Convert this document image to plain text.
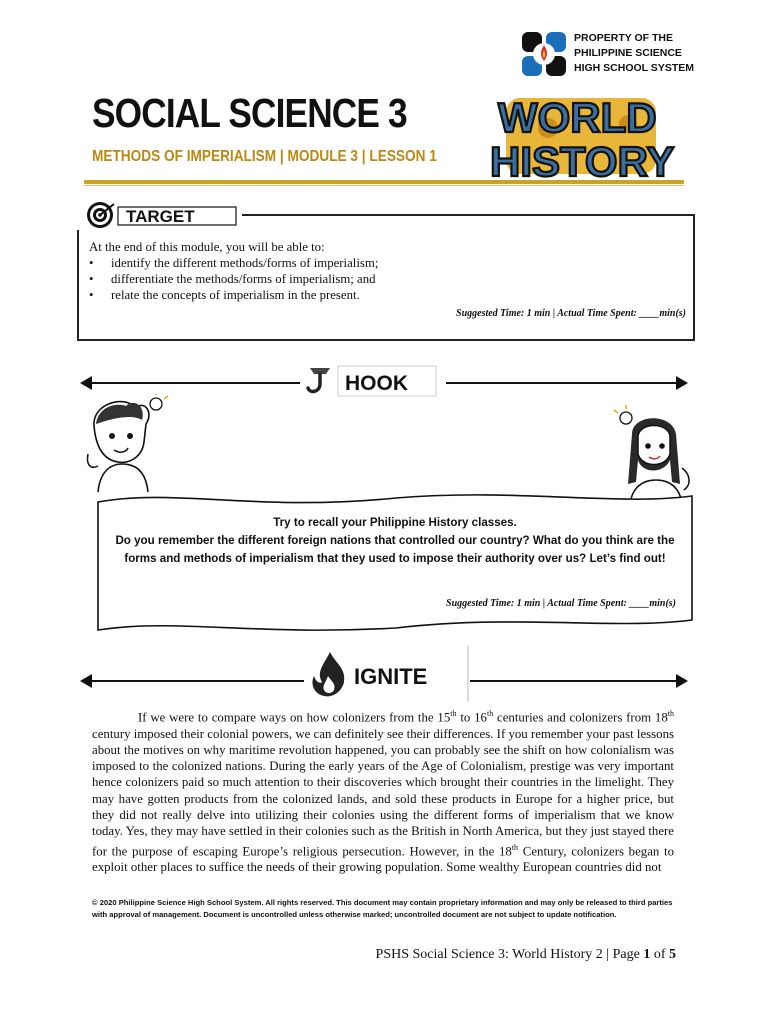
PROPERTY OF THE
PHILIPPINE SCIENCE
HIGH SCHOOL SYSTEM
SOCIAL SCIENCE 3
METHODS OF IMPERIALISM | MODULE 3 | LESSON 1
WORLD
HISTORY
TARGET
At the end of this module, you will be able to:
• identify the different methods/forms of imperialism;
• differentiate the methods/forms of imperialism; and
• relate the concepts of imperialism in the present.
Suggested Time: 1 min | Actual Time Spent: ____min(s)
HOOK
Try to recall your Philippine History classes.
Do you remember the different foreign nations that controlled our country? What do you think are the forms and methods of imperialism that they used to impose their authority over us? Let’s find out!
Suggested Time: 1 min | Actual Time Spent: ____min(s)
IGNITE

If we were to compare ways on how colonizers from the 15th to 16th centuries and colonizers from 18th century imposed their colonial powers, we can definitely see their differences. If you remember your past lessons about the motives on why maritime revolution happened, you can probably see the shift on how colonialism was imposed to the colonized nations. During the early years of the Age of Colonialism, prestige was very important hence colonizers paid so much attention to their discoveries which brought their countries in the limelight. They may have gotten products from the colonized lands, and sold these products in Europe for a higher price, but they did not really delve into utilizing their colonies using the different forms of imperialism that we know today. Yes, they may have settled in their colonies such as the British in North America, but they just stayed there for the purpose of escaping Europe’s religious persecution. However, in the 18th Century, colonizers began to exploit other places to suffice the needs of their growing population. Some wealthy European countries did not

© 2020 Philippine Science High School System. All rights reserved. This document may contain proprietary information and may only be released to third parties with approval of management. Document is uncontrolled unless otherwise marked; uncontrolled document are not subject to update notification.
PSHS Social Science 3: World History 2 | Page 1 of 5
